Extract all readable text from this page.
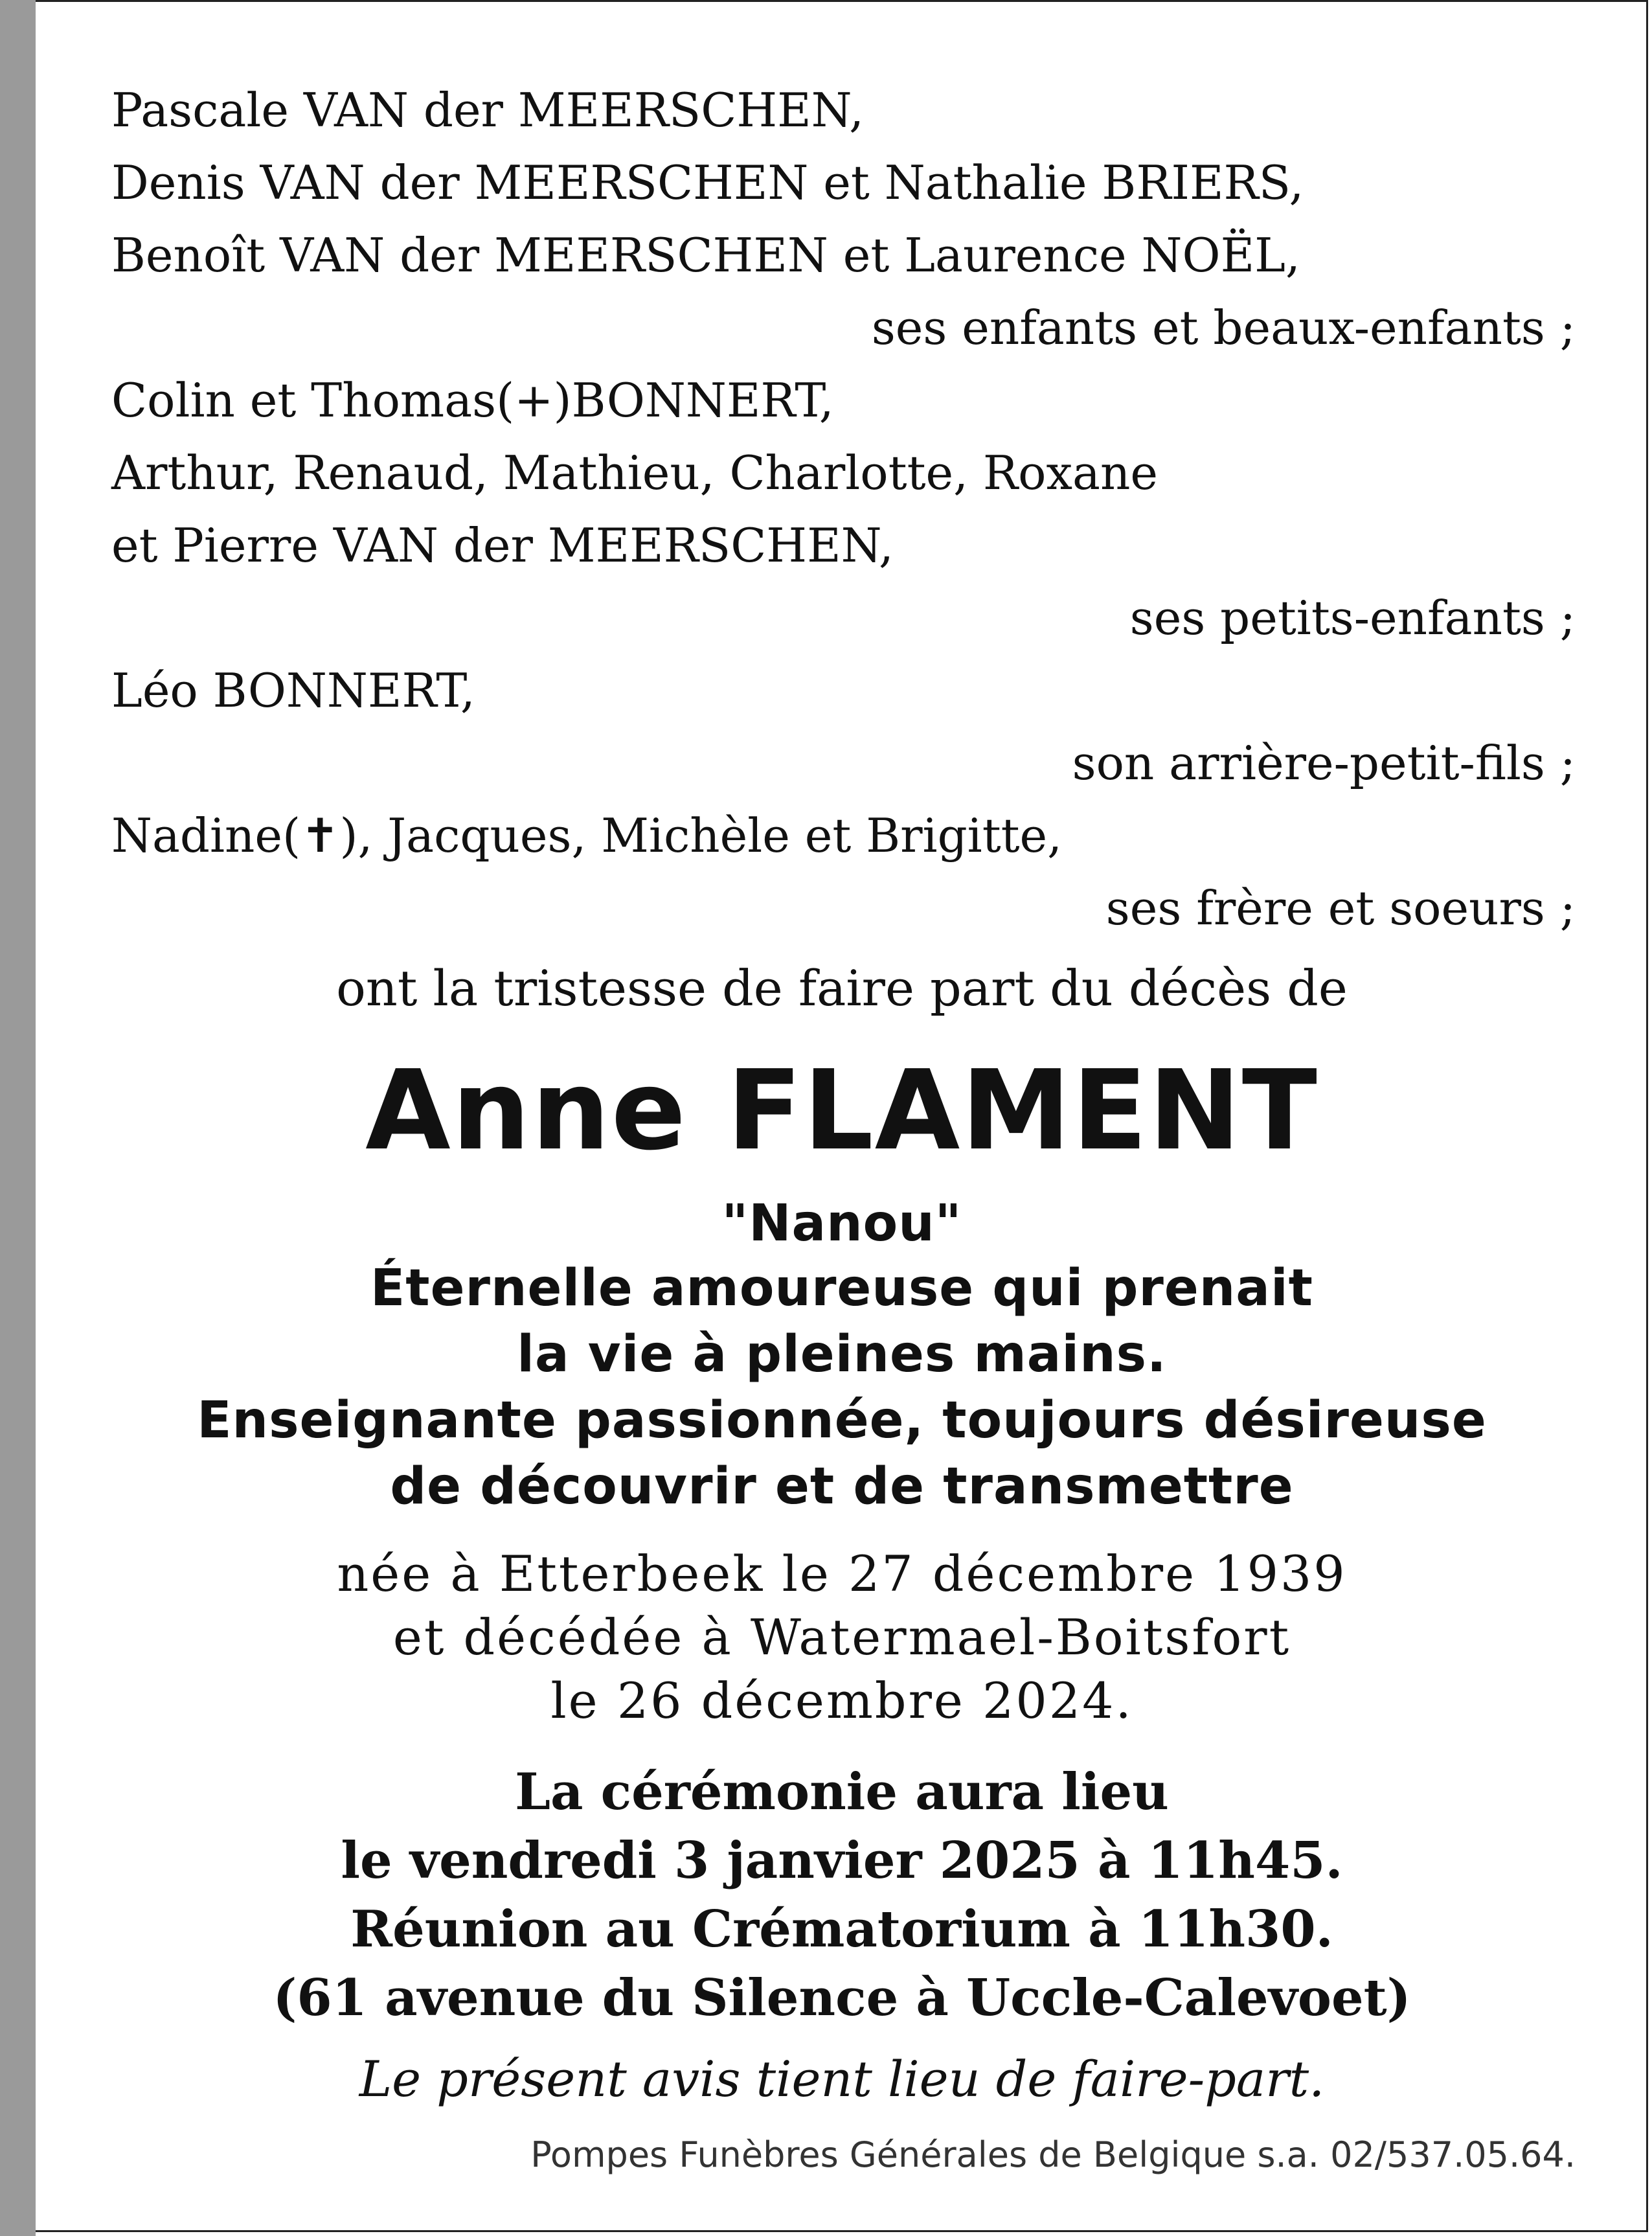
Pascale VAN der MEERSCHEN,
Denis VAN der MEERSCHEN et Nathalie BRIERS,
Benoît VAN der MEERSCHEN et Laurence NOËL,
ses enfants et beaux-enfants ;
Colin et Thomas(+)BONNERT,
Arthur, Renaud, Mathieu, Charlotte, Roxane
et Pierre VAN der MEERSCHEN,
ses petits-enfants ;
Léo BONNERT,
son arrière-petit-fils ;
Nadine(✝), Jacques, Michèle et Brigitte,
ses frère et soeurs ;
ont la tristesse de faire part du décès de
Anne FLAMENT
"Nanou"
Éternelle amoureuse qui prenait
la vie à pleines mains.
Enseignante passionnée, toujours désireuse
de découvrir et de transmettre
née à Etterbeek le 27 décembre 1939
et décédée à Watermael-Boitsfort
le 26 décembre 2024.
La cérémonie aura lieu
le vendredi 3 janvier 2025 à 11h45.
Réunion au Crématorium à 11h30.
(61 avenue du Silence à Uccle-Calevoet)
Le présent avis tient lieu de faire-part.
Pompes Funèbres Générales de Belgique s.a. 02/537.05.64.
